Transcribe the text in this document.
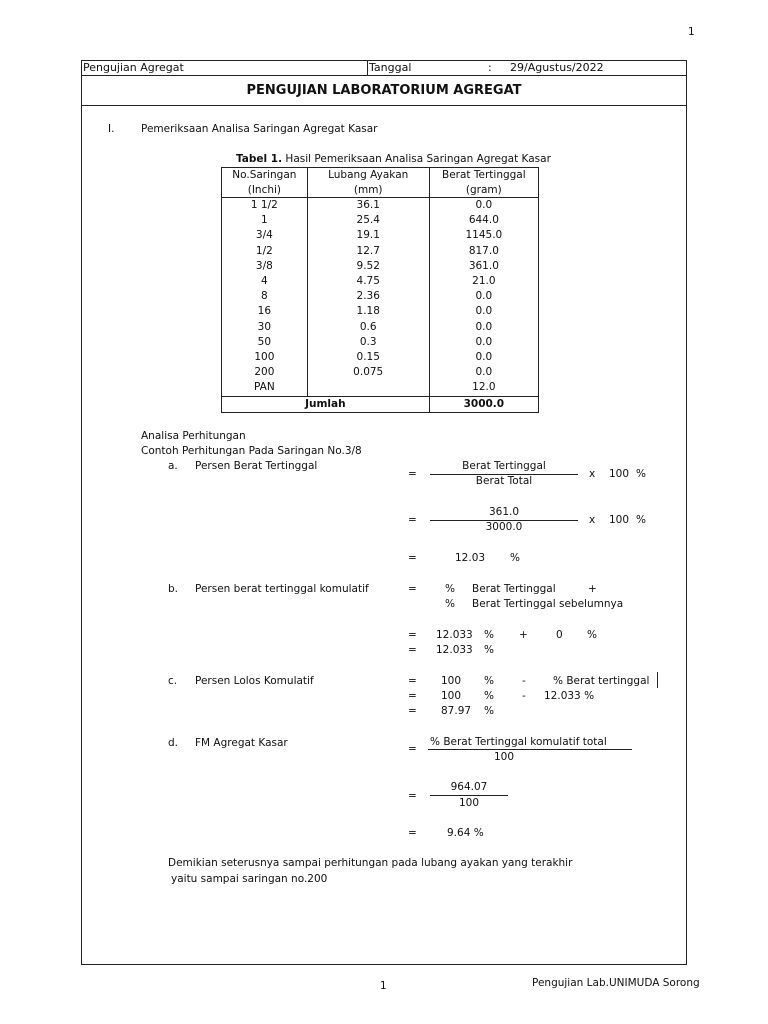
1
Pengujian Agregat	Tanggal	: 29/Agustus/2022
PENGUJIAN LABORATORIUM AGREGAT
I.	Pemeriksaan Analisa Saringan Agregat Kasar
Tabel 1. Hasil Pemeriksaan Analisa Saringan Agregat Kasar
No.Saringan	Lubang Ayakan	Berat Tertinggal
(Inchi)	(mm)	(gram)
1 1/2	36.1	0.0
1	25.4	644.0
3/4	19.1	1145.0
1/2	12.7	817.0
3/8	9.52	361.0
4	4.75	21.0
8	2.36	0.0
16	1.18	0.0
30	0.6	0.0
50	0.3	0.0
100	0.15	0.0
200	0.075	0.0
PAN		12.0
Jumlah		3000.0
Analisa Perhitungan
Contoh Perhitungan Pada Saringan No.3/8
a. Persen Berat Tertinggal
=
Berat Tertinggal
Berat Total
x 100 %
=
361.0
3000.0
x 100 %
=	12.03 %
b. Persen berat tertinggal komulatif	=	% Berat Tertinggal	+
% Berat Tertinggal sebelumnya
= 12.033 % +	0 %
= 12.033 %
c. Persen Lolos Komulatif	= 100 %	-	% Berat tertinggal
= 100 %	- 12.033 %
= 87.97 %
d. FM Agregat Kasar	=
% Berat Tertinggal komulatif total
100
=
964.07
100
=	9.64 %
Demikian seterusnya sampai perhitungan pada lubang ayakan yang terakhir
yaitu sampai saringan no.200
1	Pengujian Lab.UNIMUDA Sorong
